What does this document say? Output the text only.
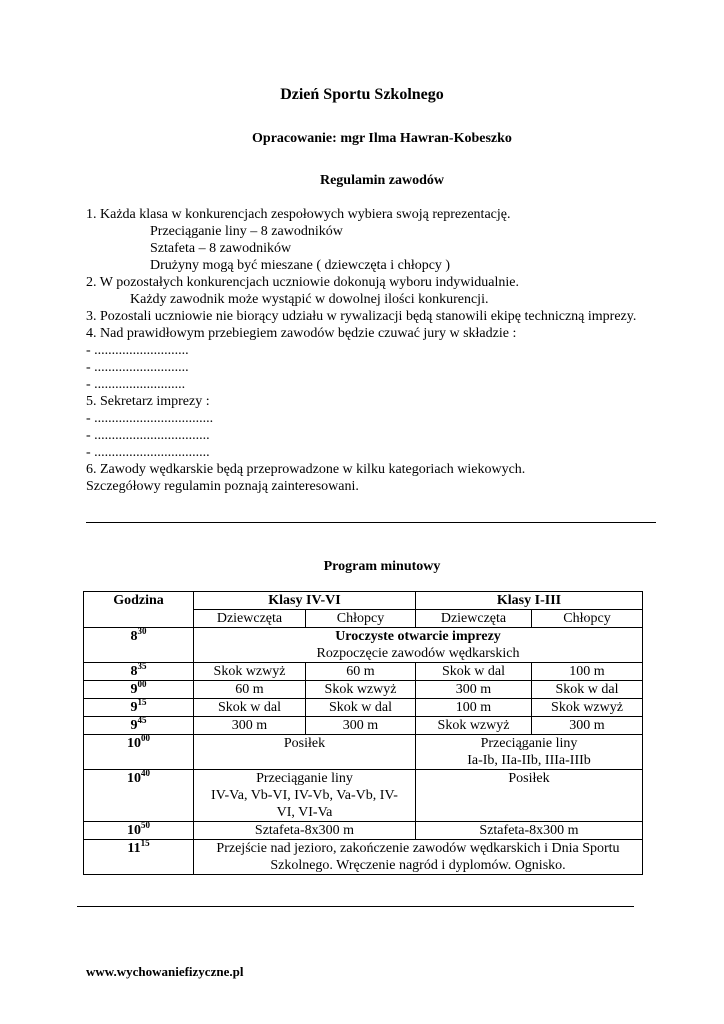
Dzień Sportu Szkolnego
Opracowanie: mgr Ilma Hawran-Kobeszko
Regulamin zawodów
1. Każda klasa w konkurencjach zespołowych wybiera swoją reprezentację.
Przeciąganie liny – 8 zawodników
Sztafeta – 8 zawodników
Drużyny mogą być mieszane ( dziewczęta i chłopcy )
2. W pozostałych konkurencjach uczniowie dokonują wyboru indywidualnie.
Każdy zawodnik może wystąpić w dowolnej ilości konkurencji.
3. Pozostali uczniowie nie biorący udziału w rywalizacji będą stanowili ekipę techniczną imprezy.
4. Nad prawidłowym przebiegiem zawodów będzie czuwać jury w składzie :
- ...........................
- ...........................
- ..........................
5. Sekretarz imprezy :
- ..................................
- .................................
- .................................
6. Zawody wędkarskie będą przeprowadzone w kilku kategoriach wiekowych.
Szczegółowy regulamin poznają zainteresowani.
Program minutowy
Godzina	Klasy IV-VI		Klasy I-III	
	Dziewczęta	Chłopcy	Dziewczęta	Chłopcy
$8^{30}$	Uroczyste otwarcie imprezy
Rozpoczęcie zawodów wędkarskich			
$8^{35}$	Skok wzwyż	60 m	Skok w dal	100 m
$9^{00}$	60 m	Skok wzwyż	300 m	Skok w dal
$9^{15}$	Skok w dal	Skok w dal	100 m	Skok wzwyż
$9^{45}$	300 m	300 m	Skok wzwyż	300 m
$10^{00}$	Posiłek		Przeciąganie liny
Ia-Ib, IIa-IIb, IIIa-IIIb	
$10^{40}$	Przeciąganie liny
IV-Va, Vb-VI, IV-Vb, Va-Vb, IV-
VI, VI-Va		Posiłek	
$10^{50}$	Sztafeta-8x300 m		Sztafeta-8x300 m	
$11^{15}$	Przejście nad jezioro, zakończenie zawodów wędkarskich i Dnia Sportu
Szkolnego. Wręczenie nagród i dyplomów. Ognisko.			
www.wychowaniefizyczne.pl
